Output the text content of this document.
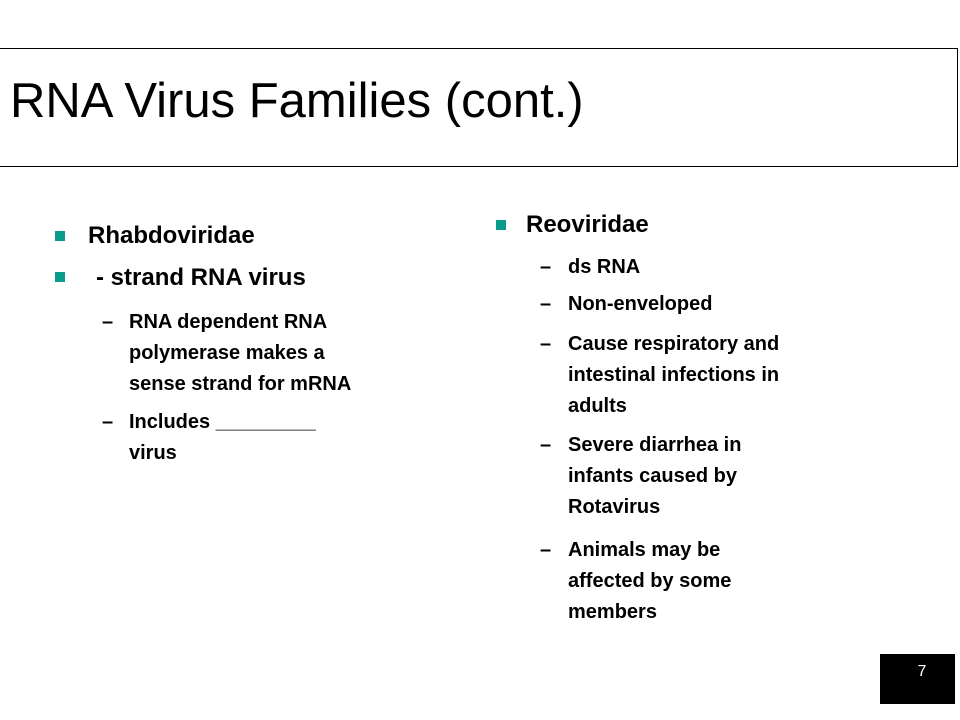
RNA Virus Families (cont.)
Rhabdoviridae
- strand RNA virus
– RNA dependent RNA
polymerase makes a
sense strand for mRNA
– Includes _________
virus
Reoviridae
– ds RNA
– Non-enveloped
– Cause respiratory and
intestinal infections in
adults
– Severe diarrhea in
infants caused by
Rotavirus
– Animals may be
affected by some
members
7
